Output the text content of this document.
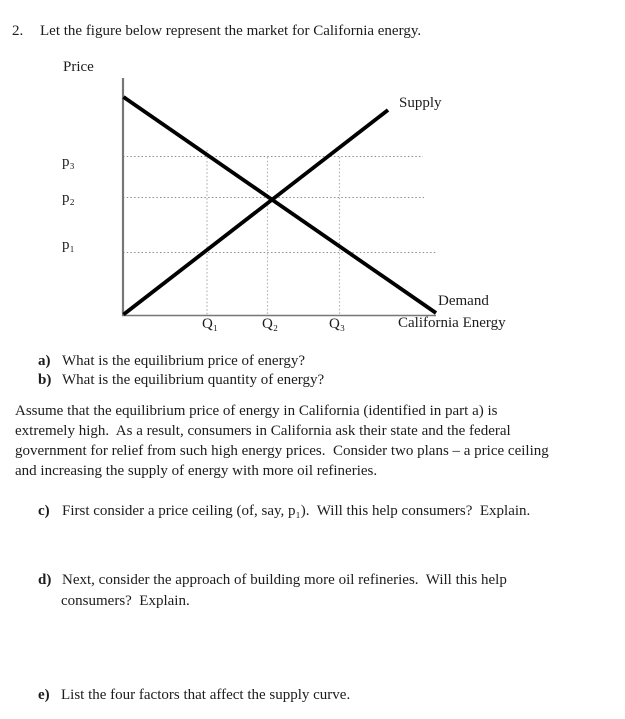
2. Let the figure below represent the market for California energy.
Price
Supply
Demand
California Energy
p₃
p₂
p₁
Q₁	Q₂	Q₃
a) What is the equilibrium price of energy?
b) What is the equilibrium quantity of energy?
Assume that the equilibrium price of energy in California (identified in part a) is
extremely high.  As a result, consumers in California ask their state and the federal
government for relief from such high energy prices.  Consider two plans – a price ceiling
and increasing the supply of energy with more oil refineries.
c) First consider a price ceiling (of, say, p₁).  Will this help consumers?  Explain.
d) Next, consider the approach of building more oil refineries.  Will this help
consumers?  Explain.
e) List the four factors that affect the supply curve.
